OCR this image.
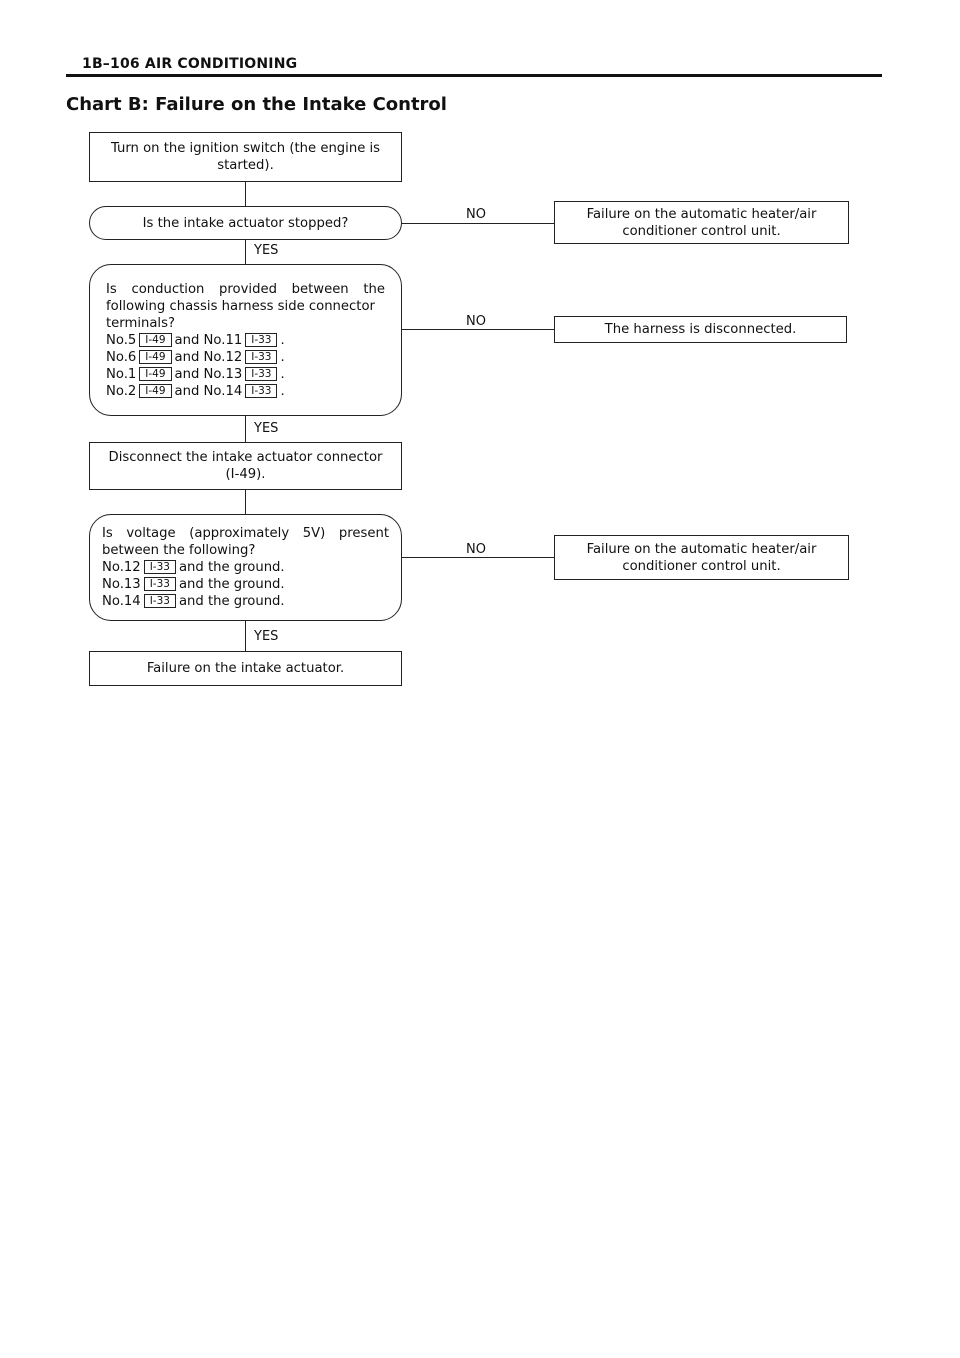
1B–106 AIR CONDITIONING
Chart B: Failure on the Intake Control
YES
YES
YES
NO
NO
NO
Turn on the ignition switch (the engine is
started).
Is the intake actuator stopped?
Failure on the automatic heater/air
conditioner control unit.
Is conduction provided between the
following chassis harness side connector
terminals?
No.5 I-49 and No.11 I-33 .
No.6 I-49 and No.12 I-33 .
No.1 I-49 and No.13 I-33 .
No.2 I-49 and No.14 I-33 .
The harness is disconnected.
Disconnect the intake actuator connector
(I-49).
Is voltage (approximately 5V) present
between the following?
No.12 I-33 and the ground.
No.13 I-33 and the ground.
No.14 I-33 and the ground.
Failure on the automatic heater/air
conditioner control unit.
Failure on the intake actuator.
